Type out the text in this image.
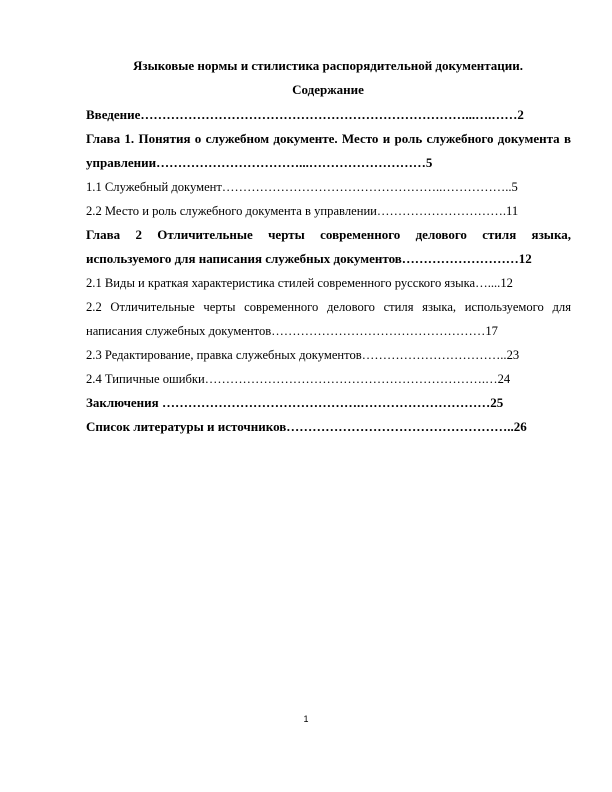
Языковые нормы и стилистика распорядительной документации.
Содержание
Введение…………………………………………………………………...….……2
Глава 1. Понятия о служебном документе. Место и роль служебного документа в управлении……………………………...………………………5
1.1 Служебный документ……………………………………………..……………..5
2.2 Место и роль служебного документа в управлении………………………….11
Глава 2 Отличительные черты современного делового стиля языка, используемого для написания служебных документов………………………12
2.1 Виды и краткая характеристика стилей современного русского языка…....12
2.2 Отличительные черты современного делового стиля языка, используемого для написания служебных документов……………………………………………17
2.3 Редактирование, правка служебных документов……………………………..23
2.4 Типичные ошибки………………………………………………………….…24
Заключения ……………………………………….…………………………25
Список литературы и источников……………………………………………..26
1
